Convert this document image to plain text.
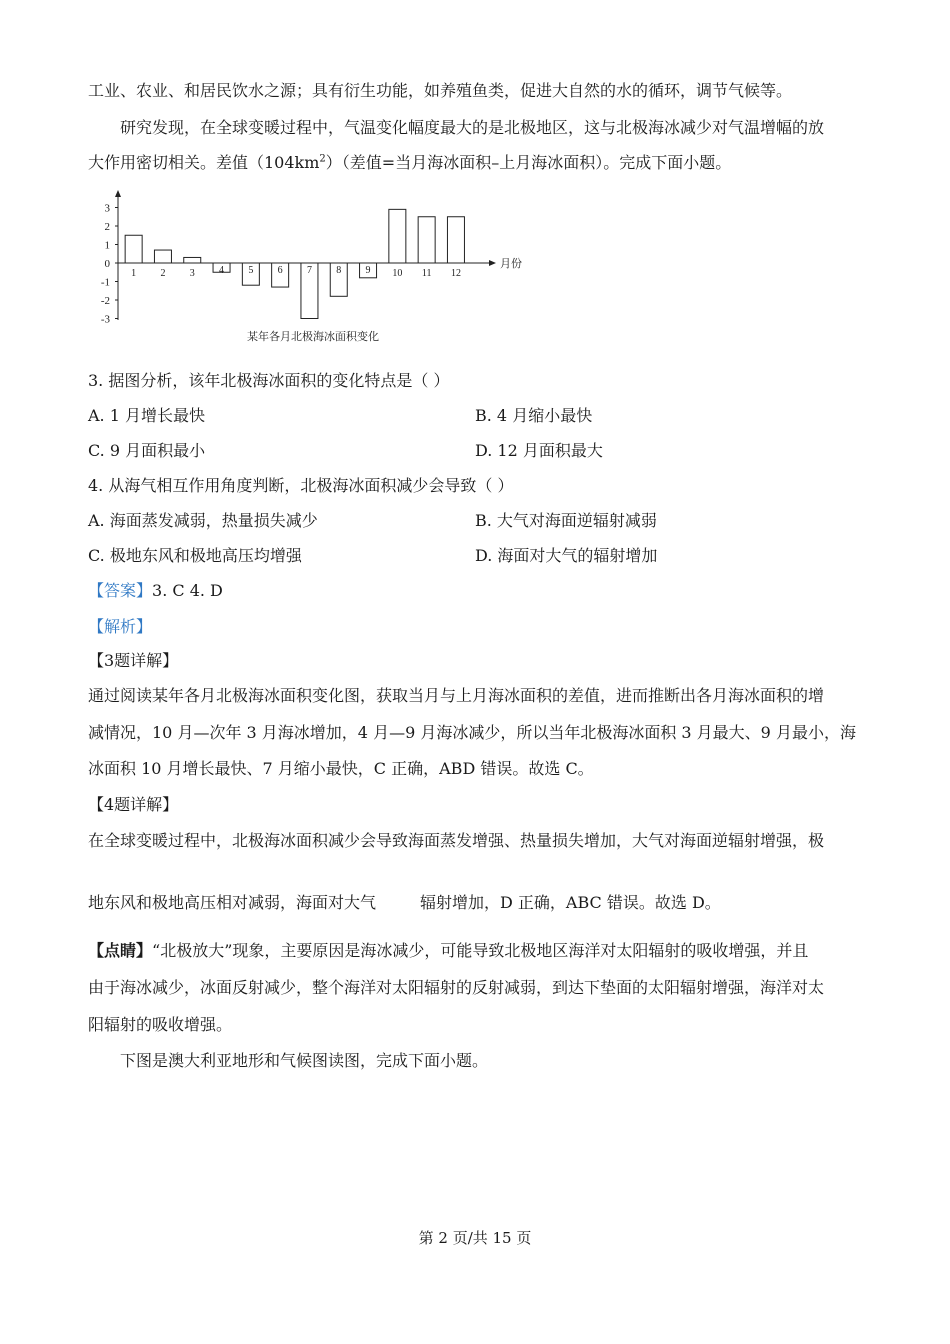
工业、农业、和居民饮水之源；具有衍生功能，如养殖鱼类，促进大自然的水的循环，调节气候等。
研究发现，在全球变暖过程中，气温变化幅度最大的是北极地区，这与北极海冰减少对气温增幅的放
大作用密切相关。差值$(104km^2)$（差值=当月海冰面积–上月海冰面积）。完成下面小题。
3
2
1
0
-1
-2
-3
1 2 3 4 5 6 7 8 9 10 11 12
月份
某年各月北极海冰面积变化
3. 据图分析，该年北极海冰面积的变化特点是（ ）
A. 1 月增长最快	B. 4 月缩小最快
C. 9 月面积最小	D. 12 月面积最大
4. 从海气相互作用角度判断，北极海冰面积减少会导致（ ）
A. 海面蒸发减弱，热量损失减少	B. 大气对海面逆辐射减弱
C. 极地东风和极地高压均增强	D. 海面对大气的辐射增加
【答案】3. C 4. D
【解析】
【3题详解】
通过阅读某年各月北极海冰面积变化图，获取当月与上月海冰面积的差值，进而推断出各月海冰面积的增
减情况，10 月—次年 3 月海冰增加，4 月—9 月海冰减少，所以当年北极海冰面积 3 月最大、9 月最小，海
冰面积 10 月增长最快、7 月缩小最快，C 正确，ABD 错误。故选 C。
【4题详解】
在全球变暖过程中，北极海冰面积减少会导致海面蒸发增强、热量损失增加，大气对海面逆辐射增强，极
地东风和极地高压相对减弱，海面对大气	辐射增加，D 正确，ABC 错误。故选 D。
【点睛】“北极放大”现象，主要原因是海冰减少，可能导致北极地区海洋对太阳辐射的吸收增强，并且
由于海冰减少，冰面反射减少，整个海洋对太阳辐射的反射减弱，到达下垫面的太阳辐射增强，海洋对太
阳辐射的吸收增强。
下图是澳大利亚地形和气候图读图，完成下面小题。
第 2 页/共 15 页
